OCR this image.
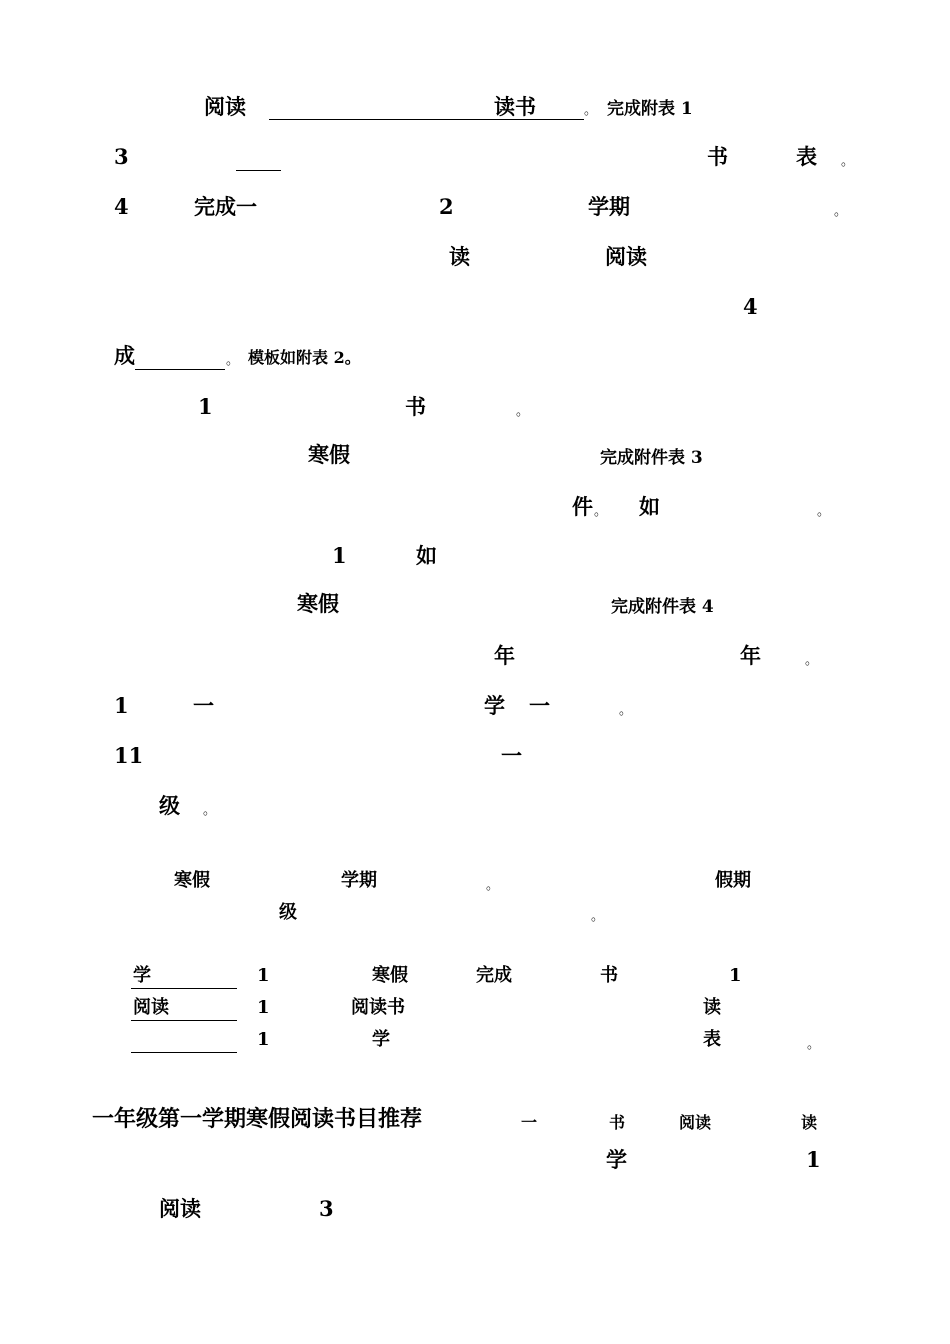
阅读	读书	。 完成附表 1
3	书	表 。
4	完成一	2	学期	。
读	阅读
4
成	。 模板如附表 2。
1	书	。
寒假	完成附件表 3
件 。 如	。
1	如
寒假	完成附件表 4
年	年	。
1	一	学 一	。
11	一
级 。
寒假	学期	。	假期
级	。
学	1	寒假	完成	书	1
阅读	1	阅读书	读
1	学	表	。
一年级第一学期寒假阅读书目推荐	一	书	阅读	读
学	1
阅读	3
